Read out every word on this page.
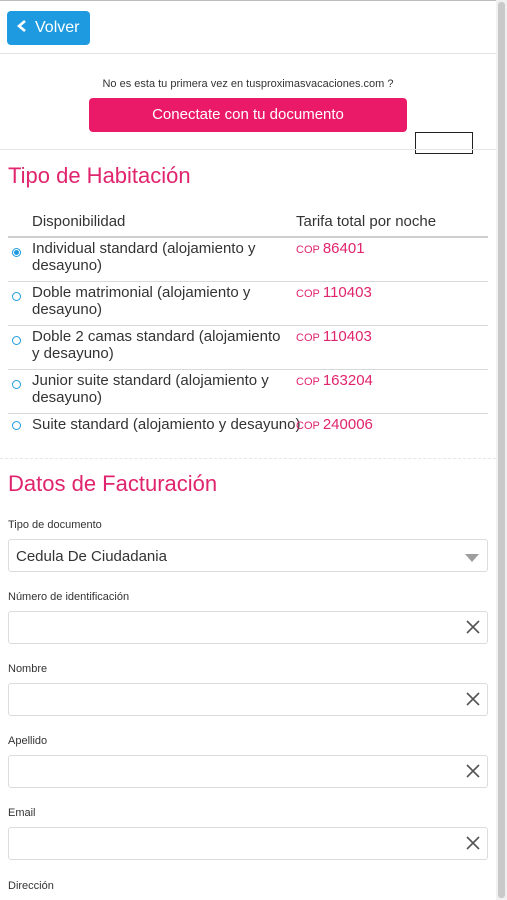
Volver
No es esta tu primera vez en tusproximasvacaciones.com ?
Conectate con tu documento
Tipo de Habitación
Disponibilidad	Tarifa total por noche
Individual standard (alojamiento y desayuno)
COP 86401
Doble matrimonial (alojamiento y desayuno)
COP 110403
Doble 2 camas standard (alojamiento y desayuno)
COP 110403
Junior suite standard (alojamiento y desayuno)
COP 163204
Suite standard (alojamiento y desayuno)
COP 240006
Datos de Facturación
Tipo de documento
Cedula De Ciudadania
Número de identificación
Nombre
Apellido
Email
Dirección
